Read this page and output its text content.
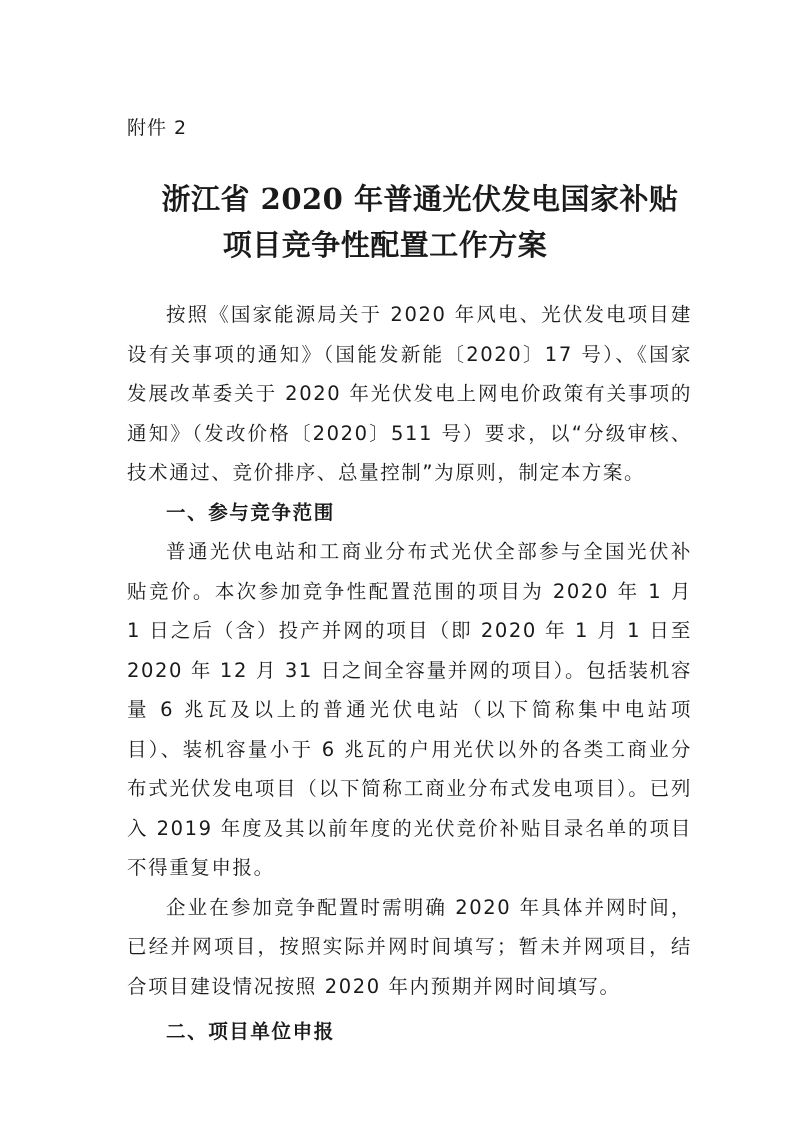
附件 2
浙江省 2020 年普通光伏发电国家补贴
项目竞争性配置工作方案

按照《国家能源局关于 2020 年风电、光伏发电项目建设有关事项的通知》（国能发新能〔2020〕17 号）、《国家发展改革委关于 2020 年光伏发电上网电价政策有关事项的通知》（发改价格〔2020〕511 号）要求，以“分级审核、技术通过、竞价排序、总量控制”为原则，制定本方案。

一、参与竞争范围

普通光伏电站和工商业分布式光伏全部参与全国光伏补贴竞价。本次参加竞争性配置范围的项目为 2020 年 1 月 1 日之后（含）投产并网的项目（即 2020 年 1 月 1 日至 2020 年 12 月 31 日之间全容量并网的项目）。包括装机容量 6 兆瓦及以上的普通光伏电站（以下简称集中电站项目）、装机容量小于 6 兆瓦的户用光伏以外的各类工商业分布式光伏发电项目（以下简称工商业分布式发电项目）。已列入 2019 年度及其以前年度的光伏竞价补贴目录名单的项目不得重复申报。

企业在参加竞争配置时需明确 2020 年具体并网时间，已经并网项目，按照实际并网时间填写；暂未并网项目，结合项目建设情况按照 2020 年内预期并网时间填写。

二、项目单位申报
